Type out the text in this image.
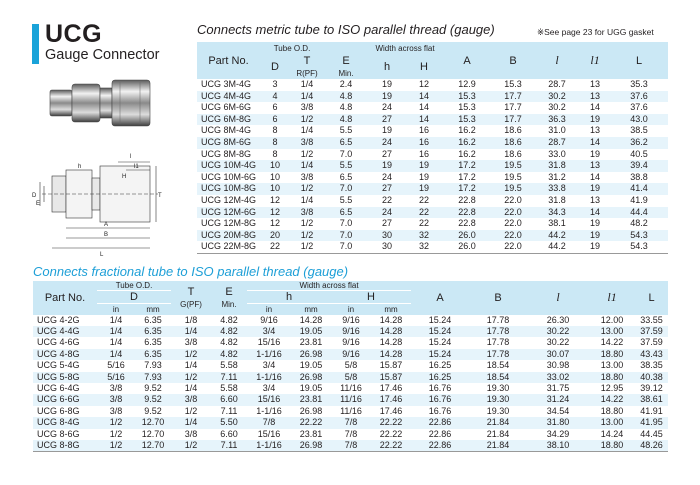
UCG
Gauge Connector
l
l1
D
E
T
A
B
L
H
h
Connects metric tube to ISO parallel thread (gauge)	※See page 23 for UGG gasket
Part No.	Tube O.D.			Width across flat		A	B	l	l1	L
	D	T
R(PF)	E
Min.	h	H					
UCG 3M-4G	3	1/4	2.4	19	12	12.9	15.3	28.7	13	35.3
UCG 4M-4G	4	1/4	4.8	19	14	15.3	17.7	30.2	13	37.6
UCG 6M-6G	6	3/8	4.8	24	14	15.3	17.7	30.2	14	37.6
UCG 6M-8G	6	1/2	4.8	27	14	15.3	17.7	36.3	19	43.0
UCG 8M-4G	8	1/4	5.5	19	16	16.2	18.6	31.0	13	38.5
UCG 8M-6G	8	3/8	6.5	24	16	16.2	18.6	28.7	14	36.2
UCG 8M-8G	8	1/2	7.0	27	16	16.2	18.6	33.0	19	40.5
UCG 10M-4G	10	1/4	5.5	19	19	17.2	19.5	31.8	13	39.4
UCG 10M-6G	10	3/8	6.5	24	19	17.2	19.5	31.2	14	38.8
UCG 10M-8G	10	1/2	7.0	27	19	17.2	19.5	33.8	19	41.4
UCG 12M-4G	12	1/4	5.5	22	22	22.8	22.0	31.8	13	41.9
UCG 12M-6G	12	3/8	6.5	24	22	22.8	22.0	34.3	14	44.4
UCG 12M-8G	12	1/2	7.0	27	22	22.8	22.0	38.1	19	48.2
UCG 20M-8G	20	1/2	7.0	30	32	26.0	22.0	44.2	19	54.3
UCG 22M-8G	22	1/2	7.0	30	32	26.0	22.0	44.2	19	54.3
Connects fractional tube to ISO parallel thread (gauge)
Part No.	Tube O.D.		T
G(PF)	E
Min.	Width across flat				A	B	l	l1	L
	D				h		H						
	in	mm			in	mm	in	mm					
UCG 4-2G	1/4	6.35	1/8	4.82	9/16	14.28	9/16	14.28	15.24	17.78	26.30	12.00	33.55
UCG 4-4G	1/4	6.35	1/4	4.82	3/4	19.05	9/16	14.28	15.24	17.78	30.22	13.00	37.59
UCG 4-6G	1/4	6.35	3/8	4.82	15/16	23.81	9/16	14.28	15.24	17.78	30.22	14.22	37.59
UCG 4-8G	1/4	6.35	1/2	4.82	1-1/16	26.98	9/16	14.28	15.24	17.78	30.07	18.80	43.43
UCG 5-4G	5/16	7.93	1/4	5.58	3/4	19.05	5/8	15.87	16.25	18.54	30.98	13.00	38.35
UCG 5-8G	5/16	7.93	1/2	7.11	1-1/16	26.98	5/8	15.87	16.25	18.54	33.02	18.80	40.38
UCG 6-4G	3/8	9.52	1/4	5.58	3/4	19.05	11/16	17.46	16.76	19.30	31.75	12.95	39.12
UCG 6-6G	3/8	9.52	3/8	6.60	15/16	23.81	11/16	17.46	16.76	19.30	31.24	14.22	38.61
UCG 6-8G	3/8	9.52	1/2	7.11	1-1/16	26.98	11/16	17.46	16.76	19.30	34.54	18.80	41.91
UCG 8-4G	1/2	12.70	1/4	5.50	7/8	22.22	7/8	22.22	22.86	21.84	31.80	13.00	41.95
UCG 8-6G	1/2	12.70	3/8	6.60	15/16	23.81	7/8	22.22	22.86	21.84	34.29	14.24	44.45
UCG 8-8G	1/2	12.70	1/2	7.11	1-1/16	26.98	7/8	22.22	22.86	21.84	38.10	18.80	48.26
